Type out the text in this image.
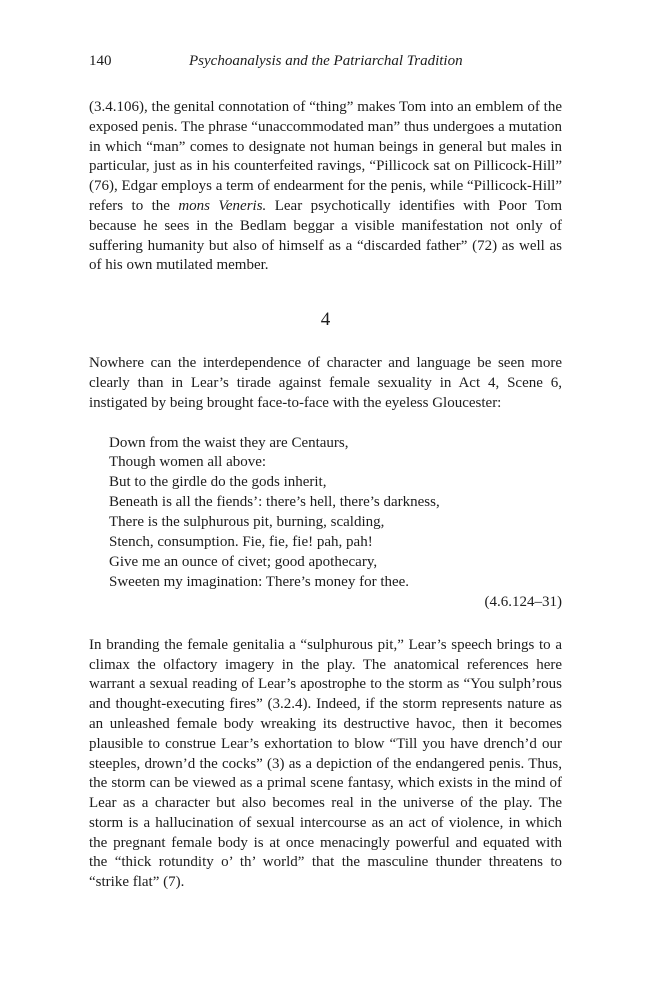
140	Psychoanalysis and the Patriarchal Tradition

(3.4.106), the genital connotation of “thing” makes Tom into an emblem of the exposed penis. The phrase “unaccommodated man” thus undergoes a mutation in which “man” comes to designate not human beings in general but males in particular, just as in his counterfeited ravings, “Pillicock sat on Pillicock-Hill” (76), Edgar employs a term of endearment for the penis, while “Pillicock-Hill” refers to the mons Veneris. Lear psychotically identifies with Poor Tom because he sees in the Bedlam beggar a visible manifestation not only of suffering humanity but also of himself as a “discarded father” (72) as well as of his own mutilated member.

4

Nowhere can the interdependence of character and language be seen more clearly than in Lear’s tirade against female sexuality in Act 4, Scene 6, instigated by being brought face-to-face with the eyeless Gloucester:

Down from the waist they are Centaurs,
Though women all above:
But to the girdle do the gods inherit,
Beneath is all the fiends’: there’s hell, there’s darkness,
There is the sulphurous pit, burning, scalding,
Stench, consumption. Fie, fie, fie! pah, pah!
Give me an ounce of civet; good apothecary,
Sweeten my imagination: There’s money for thee.
(4.6.124–31)

In branding the female genitalia a “sulphurous pit,” Lear’s speech brings to a climax the olfactory imagery in the play. The anatomical references here warrant a sexual reading of Lear’s apostrophe to the storm as “You sulph’rous and thought-executing fires” (3.2.4). Indeed, if the storm represents nature as an unleashed female body wreaking its destructive havoc, then it becomes plausible to construe Lear’s exhortation to blow “Till you have drench’d our steeples, drown’d the cocks” (3) as a depiction of the endangered penis. Thus, the storm can be viewed as a primal scene fantasy, which exists in the mind of Lear as a character but also becomes real in the universe of the play. The storm is a hallucination of sexual intercourse as an act of violence, in which the pregnant female body is at once menacingly powerful and equated with the “thick rotundity o’ th’ world” that the masculine thunder threatens to “strike flat” (7).
